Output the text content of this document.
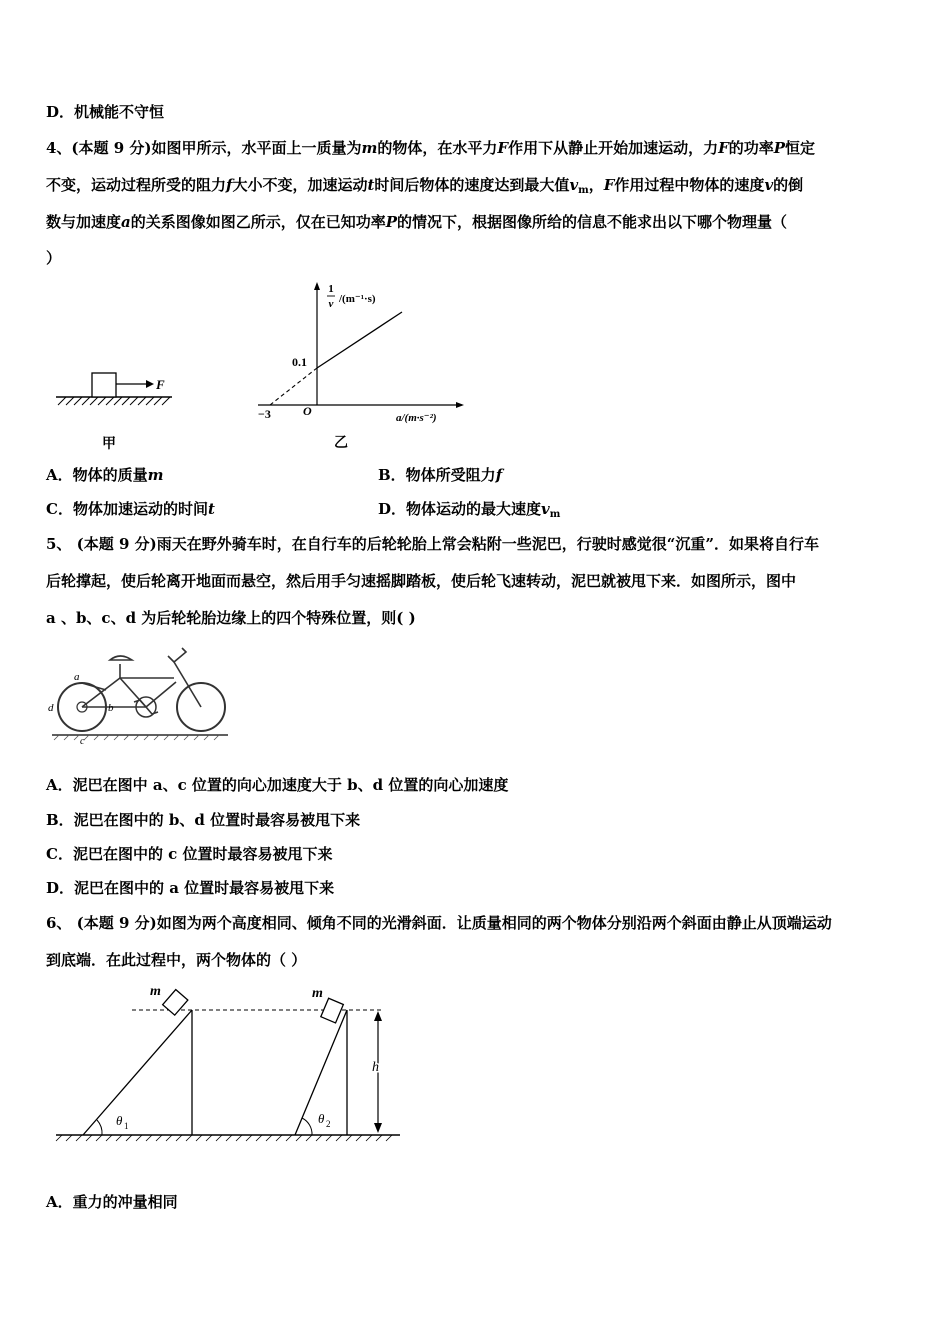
D．机械能不守恒
4、(本题 9 分)如图甲所示，水平面上一质量为m的物体，在水平力F作用下从静止开始加速运动，力F的功率P恒定
不变，运动过程所受的阻力f大小不变，加速运动t时间后物体的速度达到最大值$v_m$，F作用过程中物体的速度v的倒
数与加速度a的关系图像如图乙所示，仅在已知功率P的情况下，根据图像所给的信息不能求出以下哪个物理量（
）
F
甲
1
v /(m⁻¹·s)
0.1
−3	O	a/(m·s⁻²)
乙
A．物体的质量m	B．物体所受阻力f
C．物体加速运动的时间t	D．物体运动的最大速度$v_m$
5、 (本题 9 分)雨天在野外骑车时，在自行车的后轮轮胎上常会粘附一些泥巴，行驶时感觉很“沉重”．如果将自行车
后轮撑起，使后轮离开地面而悬空，然后用手匀速摇脚踏板，使后轮飞速转动，泥巴就被甩下来．如图所示，图中
a 、b、c、d 为后轮轮胎边缘上的四个特殊位置，则( )
a
b
c
d
A．泥巴在图中 a、c 位置的向心加速度大于 b、d 位置的向心加速度
B．泥巴在图中的 b、d 位置时最容易被甩下来
C．泥巴在图中的 c 位置时最容易被甩下来
D．泥巴在图中的 a 位置时最容易被甩下来
6、 (本题 9 分)如图为两个高度相同、倾角不同的光滑斜面．让质量相同的两个物体分别沿两个斜面由静止从顶端运动
到底端．在此过程中，两个物体的（ ）
θ 1
m
θ 2
m
h
A．重力的冲量相同
